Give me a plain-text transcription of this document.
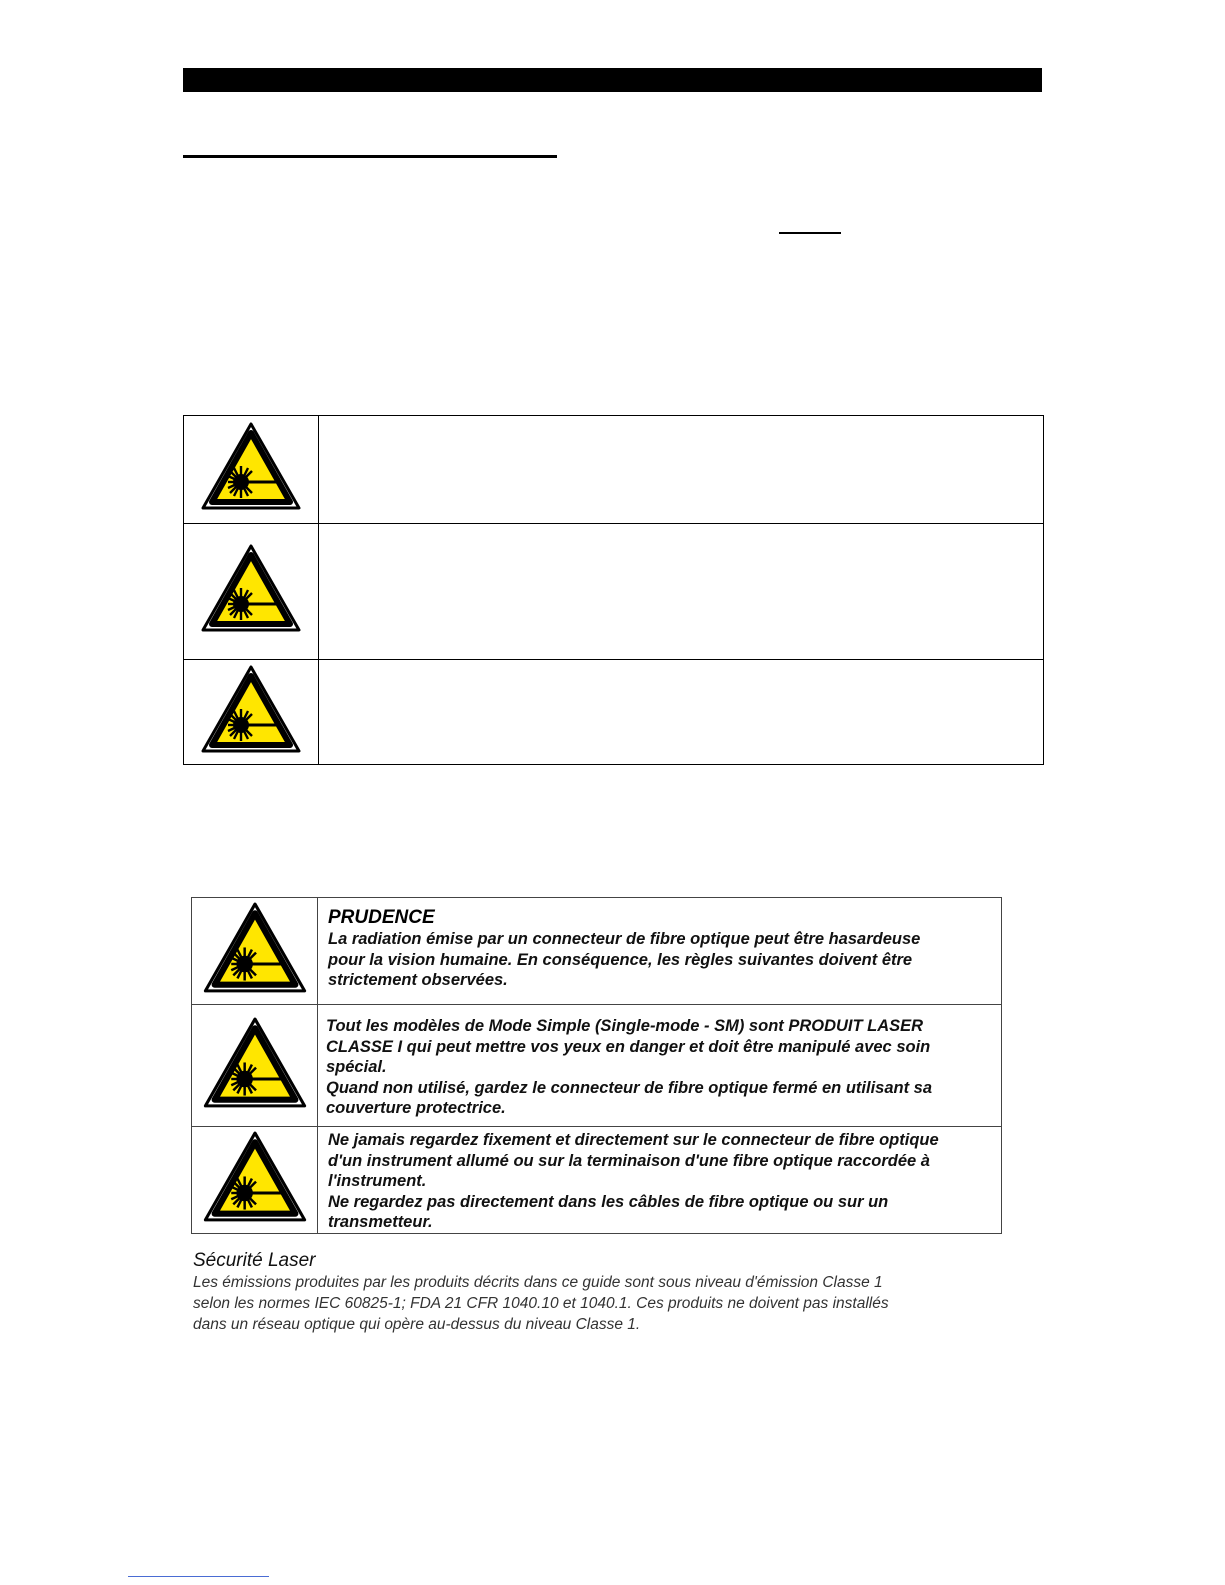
PRUDENCE
La radiation émise par un connecteur de fibre optique peut être hasardeuse
pour la vision humaine. En conséquence, les règles suivantes doivent être
strictement observées.

Tout les modèles de Mode Simple (Single-mode - SM) sont PRODUIT LASER
CLASSE I qui peut mettre vos yeux en danger et doit être manipulé avec soin
spécial.
Quand non utilisé, gardez le connecteur de fibre optique fermé en utilisant sa
couverture protectrice.

Ne jamais regardez fixement et directement sur le connecteur de fibre optique
d'un instrument allumé ou sur la terminaison d'une fibre optique raccordée à
l'instrument.
Ne regardez pas directement dans les câbles de fibre optique ou sur un
transmetteur.
Sécurité Laser
Les émissions produites par les produits décrits dans ce guide sont sous niveau d'émission Classe 1
selon les normes IEC 60825-1; FDA 21 CFR 1040.10 et 1040.1. Ces produits ne doivent pas installés
dans un réseau optique qui opère au-dessus du niveau Classe 1.
